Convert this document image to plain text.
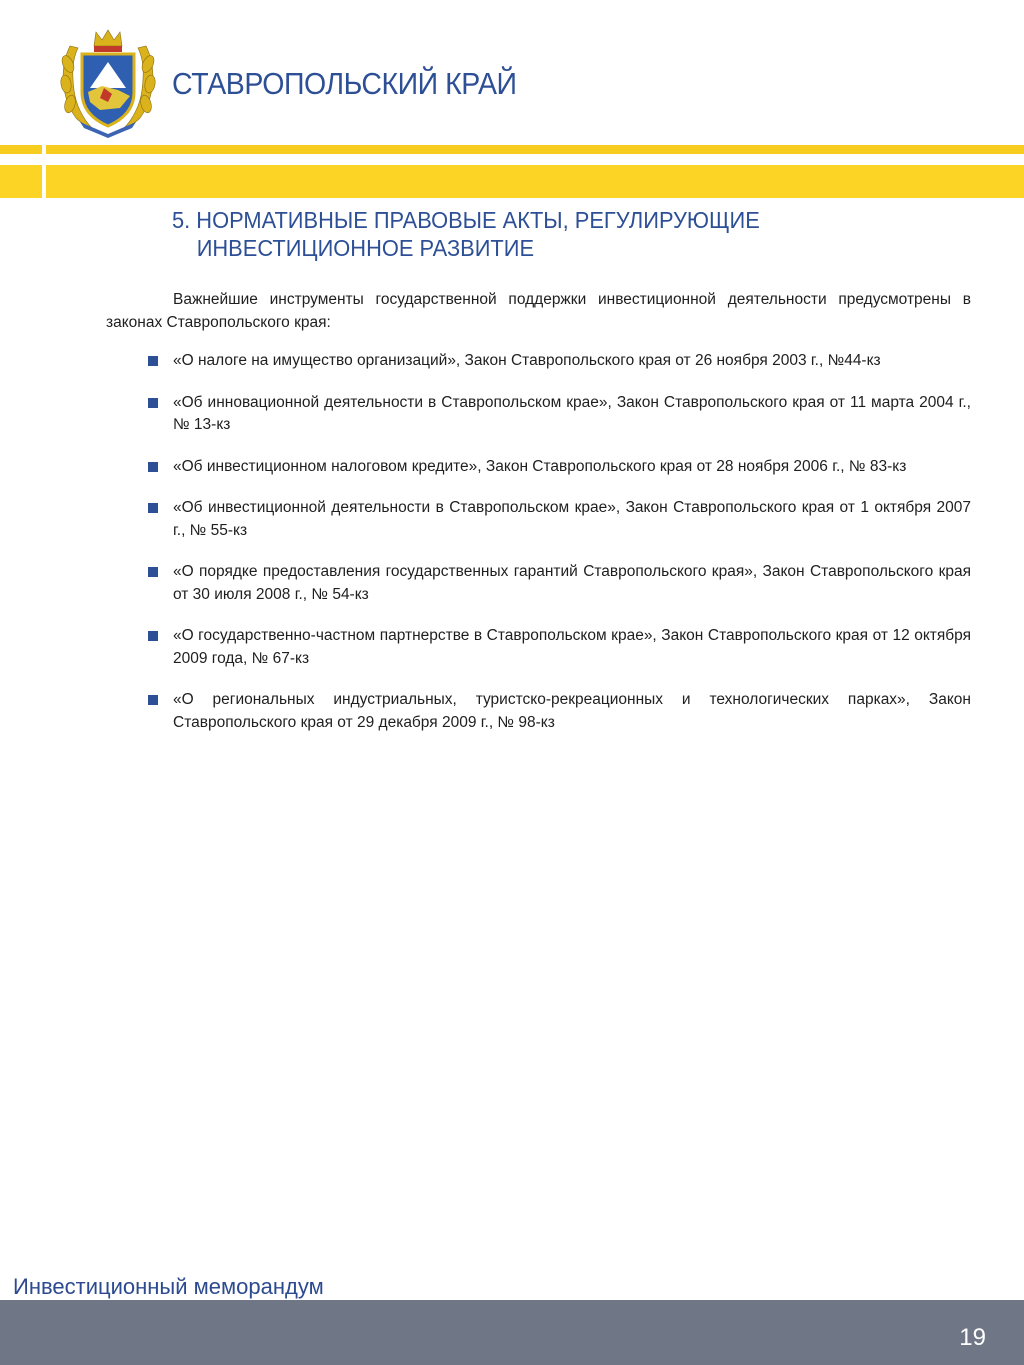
СТАВРОПОЛЬСКИЙ КРАЙ
5. НОРМАТИВНЫЕ ПРАВОВЫЕ АКТЫ, РЕГУЛИРУЮЩИЕ
ИНВЕСТИЦИОННОЕ РАЗВИТИЕ
Важнейшие инструменты государственной поддержки инвестиционной деятельности предусмотрены в законах Ставропольского края:
«О налоге на имущество организаций», Закон Ставропольского края от 26 ноября 2003 г., №44-кз
«Об инновационной деятельности в Ставропольском крае», Закон Ставропольского края от 11 марта 2004 г., № 13-кз
«Об инвестиционном налоговом кредите», Закон Ставропольского края от 28 ноября 2006 г., № 83-кз
«Об инвестиционной деятельности в Ставропольском крае», Закон Ставропольского края от 1 октября 2007 г., № 55-кз
«О порядке предоставления государственных гарантий Ставропольского края», Закон Ставропольского края от 30 июля 2008 г., № 54-кз
«О государственно-частном партнерстве в Ставропольском крае», Закон Ставропольского края от 12 октября 2009 года, № 67-кз
«О региональных индустриальных, туристско-рекреационных и технологических парках», Закон Ставропольского края от 29 декабря 2009 г., № 98-кз
Инвестиционный меморандум
19
